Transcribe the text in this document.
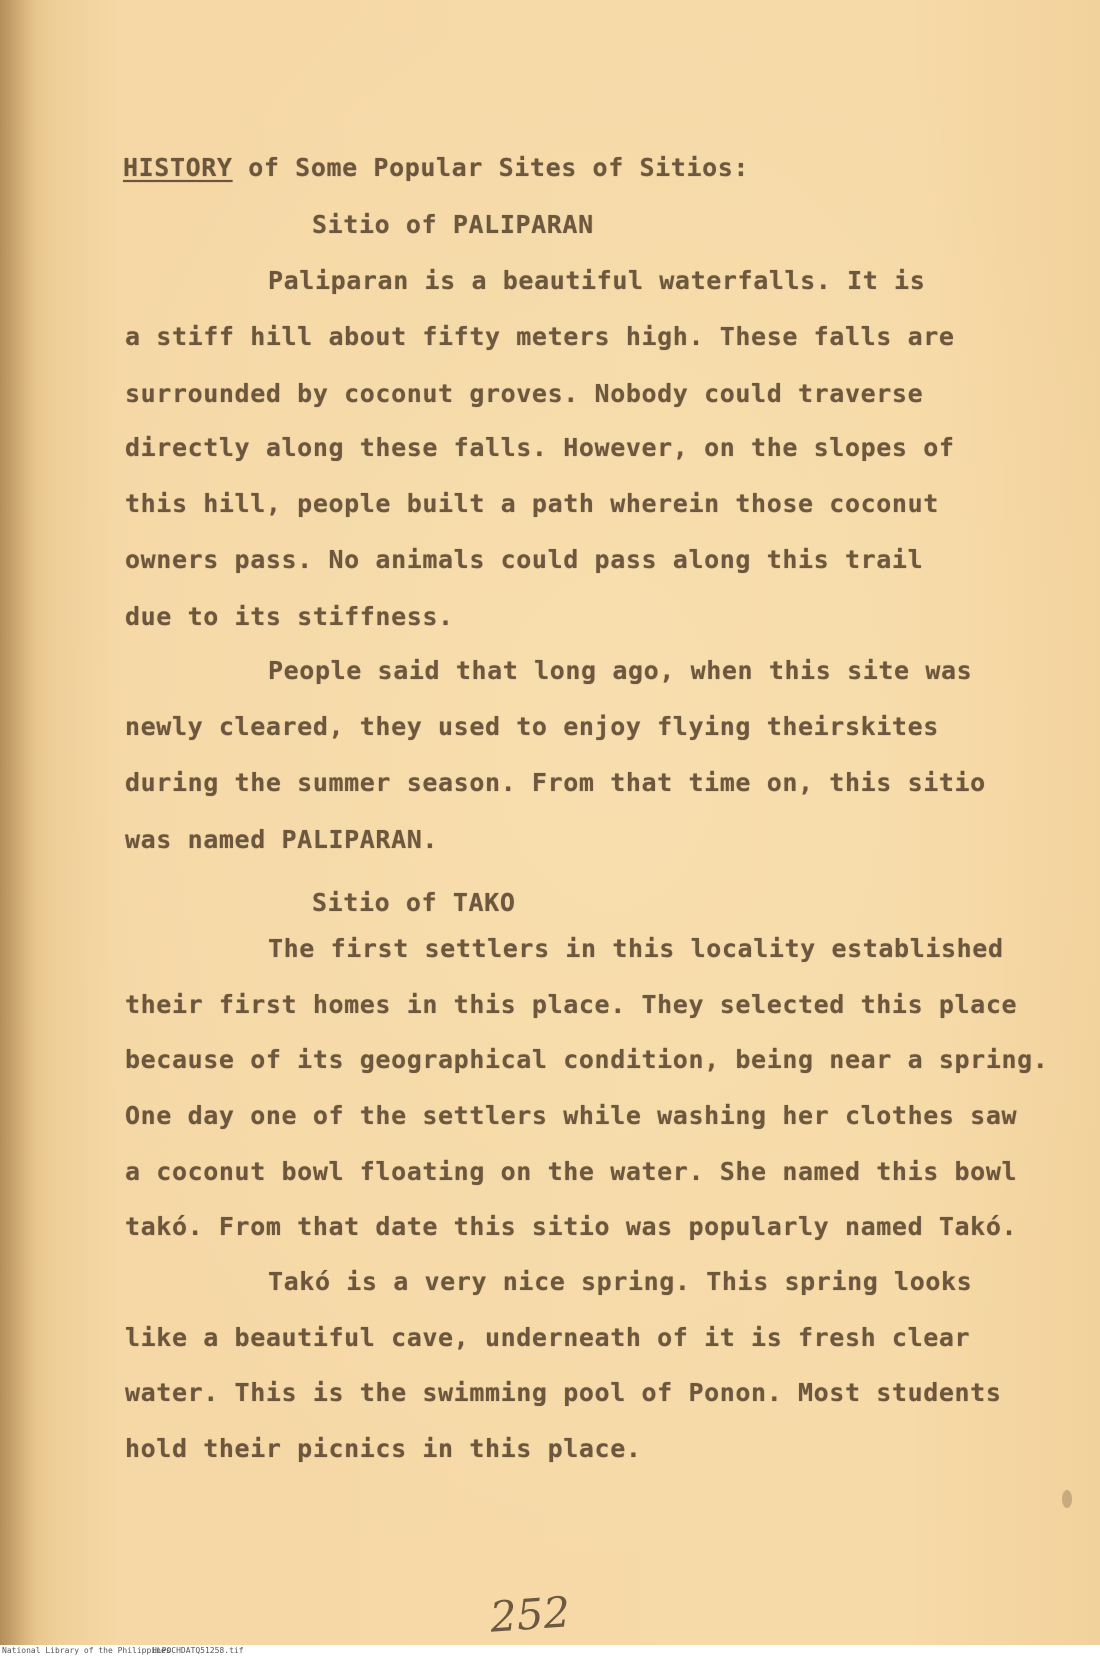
HISTORY of Some Popular Sites of Sitios:
Sitio of PALIPARAN
Paliparan is a beautiful waterfalls. It is
a stiff hill about fifty meters high. These falls are
surrounded by coconut groves. Nobody could traverse
directly along these falls. However, on the slopes of
this hill, people built a path wherein those coconut
owners pass. No animals could pass along this trail
due to its stiffness.
People said that long ago, when this site was
newly cleared, they used to enjoy flying theirskites
during the summer season. From that time on, this sitio
was named PALIPARAN.
Sitio of TAKO
The first settlers in this locality established
their first homes in this place. They selected this place
because of its geographical condition, being near a spring.
One day one of the settlers while washing her clothes saw
a coconut bowl floating on the water. She named this bowl
takó. From that date this sitio was popularly named Takó.
Takó is a very nice spring. This spring looks
like a beautiful cave, underneath of it is fresh clear
water. This is the swimming pool of Ponon. Most students
hold their picnics in this place.
252
National Library of the Philippines
HLPOCHDATQ51258.tif
